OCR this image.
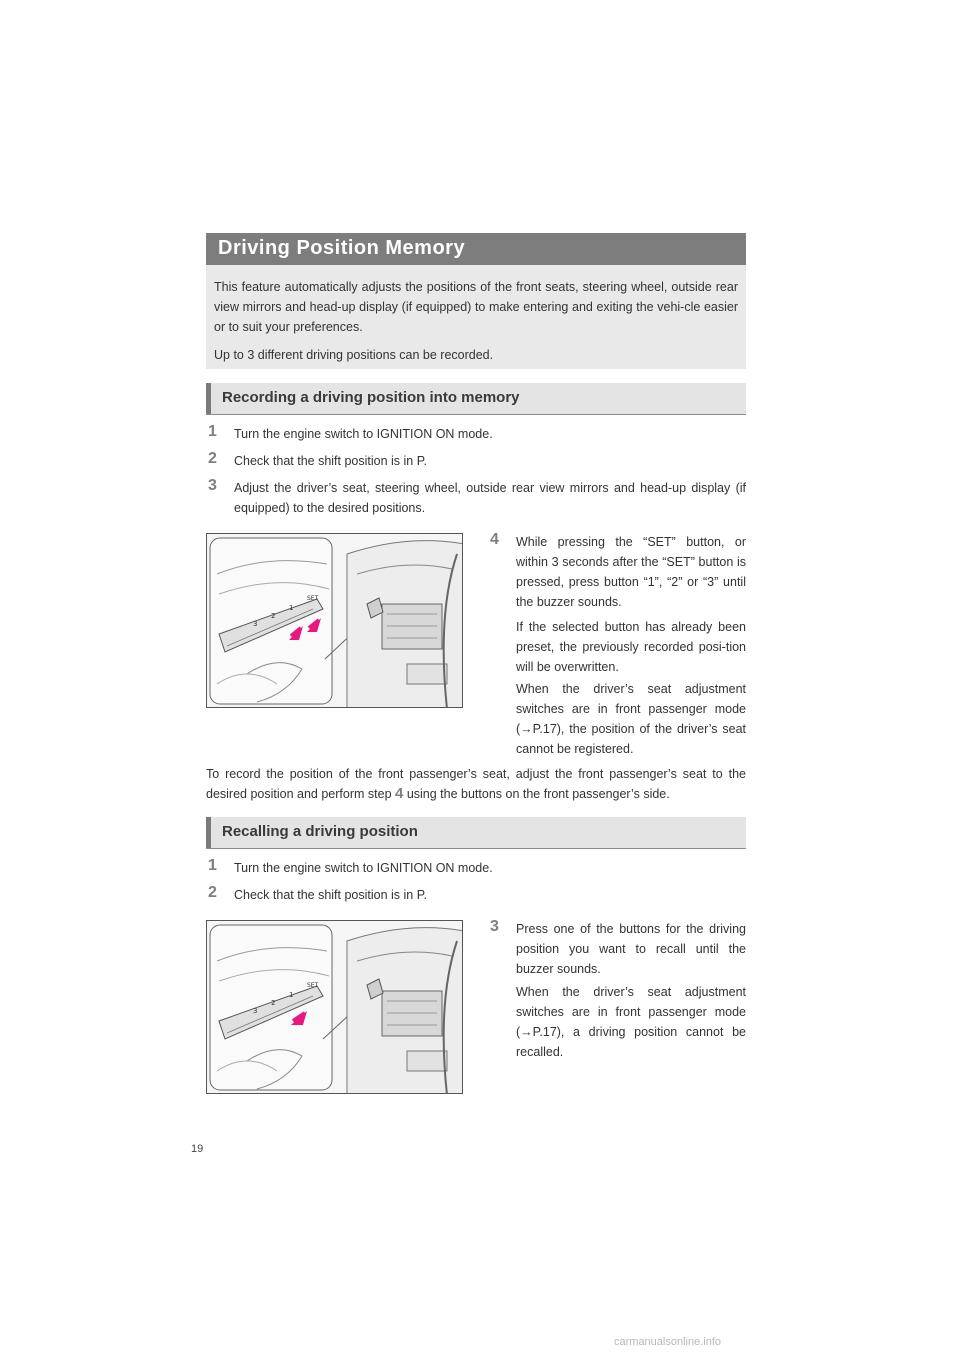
Driving Position Memory

This feature automatically adjusts the positions of the front seats, steering wheel, outside rear view mirrors and head-up display (if equipped) to make entering and exiting the vehi-cle easier or to suit your preferences.

Up to 3 different driving positions can be recorded.

Recording a driving position into memory
1 Turn the engine switch to IGNITION ON mode.
2 Check that the shift position is in P.
3 Adjust the driver’s seat, steering wheel, outside rear view mirrors and head-up display (if equipped) to the desired positions.
SET
1
2
3
4 While pressing the “SET” button, or within 3 seconds after the “SET” button is pressed, press button “1”, “2” or “3” until the buzzer sounds.

If the selected button has already been preset, the previously recorded posi-tion will be overwritten.

When the driver’s seat adjustment switches are in front passenger mode (→P.17), the position of the driver’s seat cannot be registered.

To record the position of the front passenger’s seat, adjust the front passenger’s seat to the desired position and perform step 4 using the buttons on the front passenger’s side.

Recalling a driving position
1 Turn the engine switch to IGNITION ON mode.
2 Check that the shift position is in P.
SET
1
2
3
3 Press one of the buttons for the driving position you want to recall until the buzzer sounds.

When the driver’s seat adjustment switches are in front passenger mode (→P.17), a driving position cannot be recalled.

19
carmanualsonline.info
